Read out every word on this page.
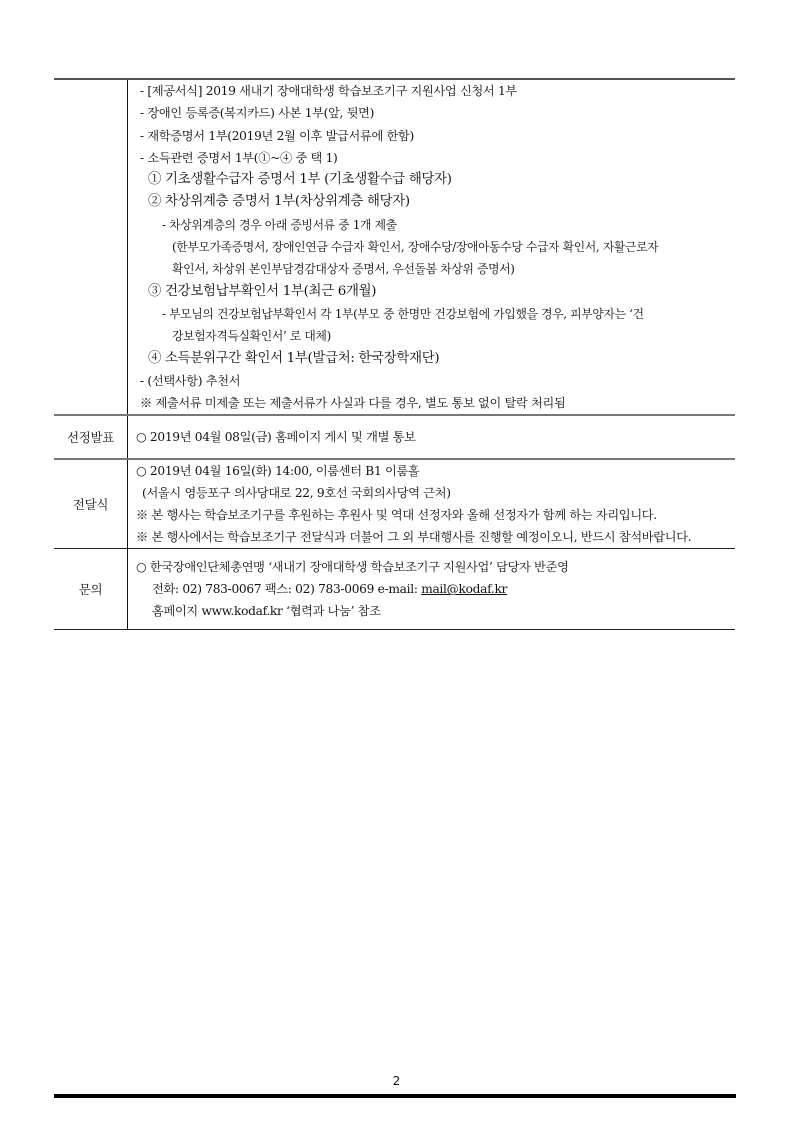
- [제공서식] 2019 새내기 장애대학생 학습보조기구 지원사업 신청서 1부
- 장애인 등록증(복지카드) 사본 1부(앞, 뒷면)
- 재학증명서 1부(2019년 2월 이후 발급서류에 한함)
- 소득관련 증명서 1부(①~④ 중 택 1)
① 기초생활수급자 증명서 1부 (기초생활수급 해당자)
② 차상위계층 증명서 1부(차상위계층 해당자)
- 차상위계층의 경우 아래 증빙서류 중 1개 제출
(한부모가족증명서, 장애인연금 수급자 확인서, 장애수당/장애아동수당 수급자 확인서, 자활근로자
확인서, 차상위 본인부담경감대상자 증명서, 우선돌봄 차상위 증명서)
③ 건강보험납부확인서 1부(최근 6개월)
- 부모님의 건강보험납부확인서 각 1부(부모 중 한명만 건강보험에 가입했을 경우, 피부양자는 ‘건
강보험자격득실확인서’ 로 대체)
④ 소득분위구간 확인서 1부(발급처: 한국장학재단)
- (선택사항) 추천서
※ 제출서류 미제출 또는 제출서류가 사실과 다를 경우, 별도 통보 없이 탈락 처리됨

선정발표	○ 2019년 04월 08일(금) 홈페이지 게시 및 개별 통보

전달식	○ 2019년 04월 16일(화) 14:00, 이룸센터 B1 이룸홀
(서울시 영등포구 의사당대로 22, 9호선 국회의사당역 근처)
※ 본 행사는 학습보조기구를 후원하는 후원사 및 역대 선정자와 올해 선정자가 함께 하는 자리입니다.
※ 본 행사에서는 학습보조기구 전달식과 더불어 그 외 부대행사를 진행할 예정이오니, 반드시 참석바랍니다.

문의	○ 한국장애인단체총연맹 ‘새내기 장애대학생 학습보조기구 지원사업’ 담당자 반준영
전화: 02) 783-0067 팩스: 02) 783-0069 e-mail: mail@kodaf.kr
홈페이지 www.kodaf.kr ‘협력과 나눔’ 참조
2
